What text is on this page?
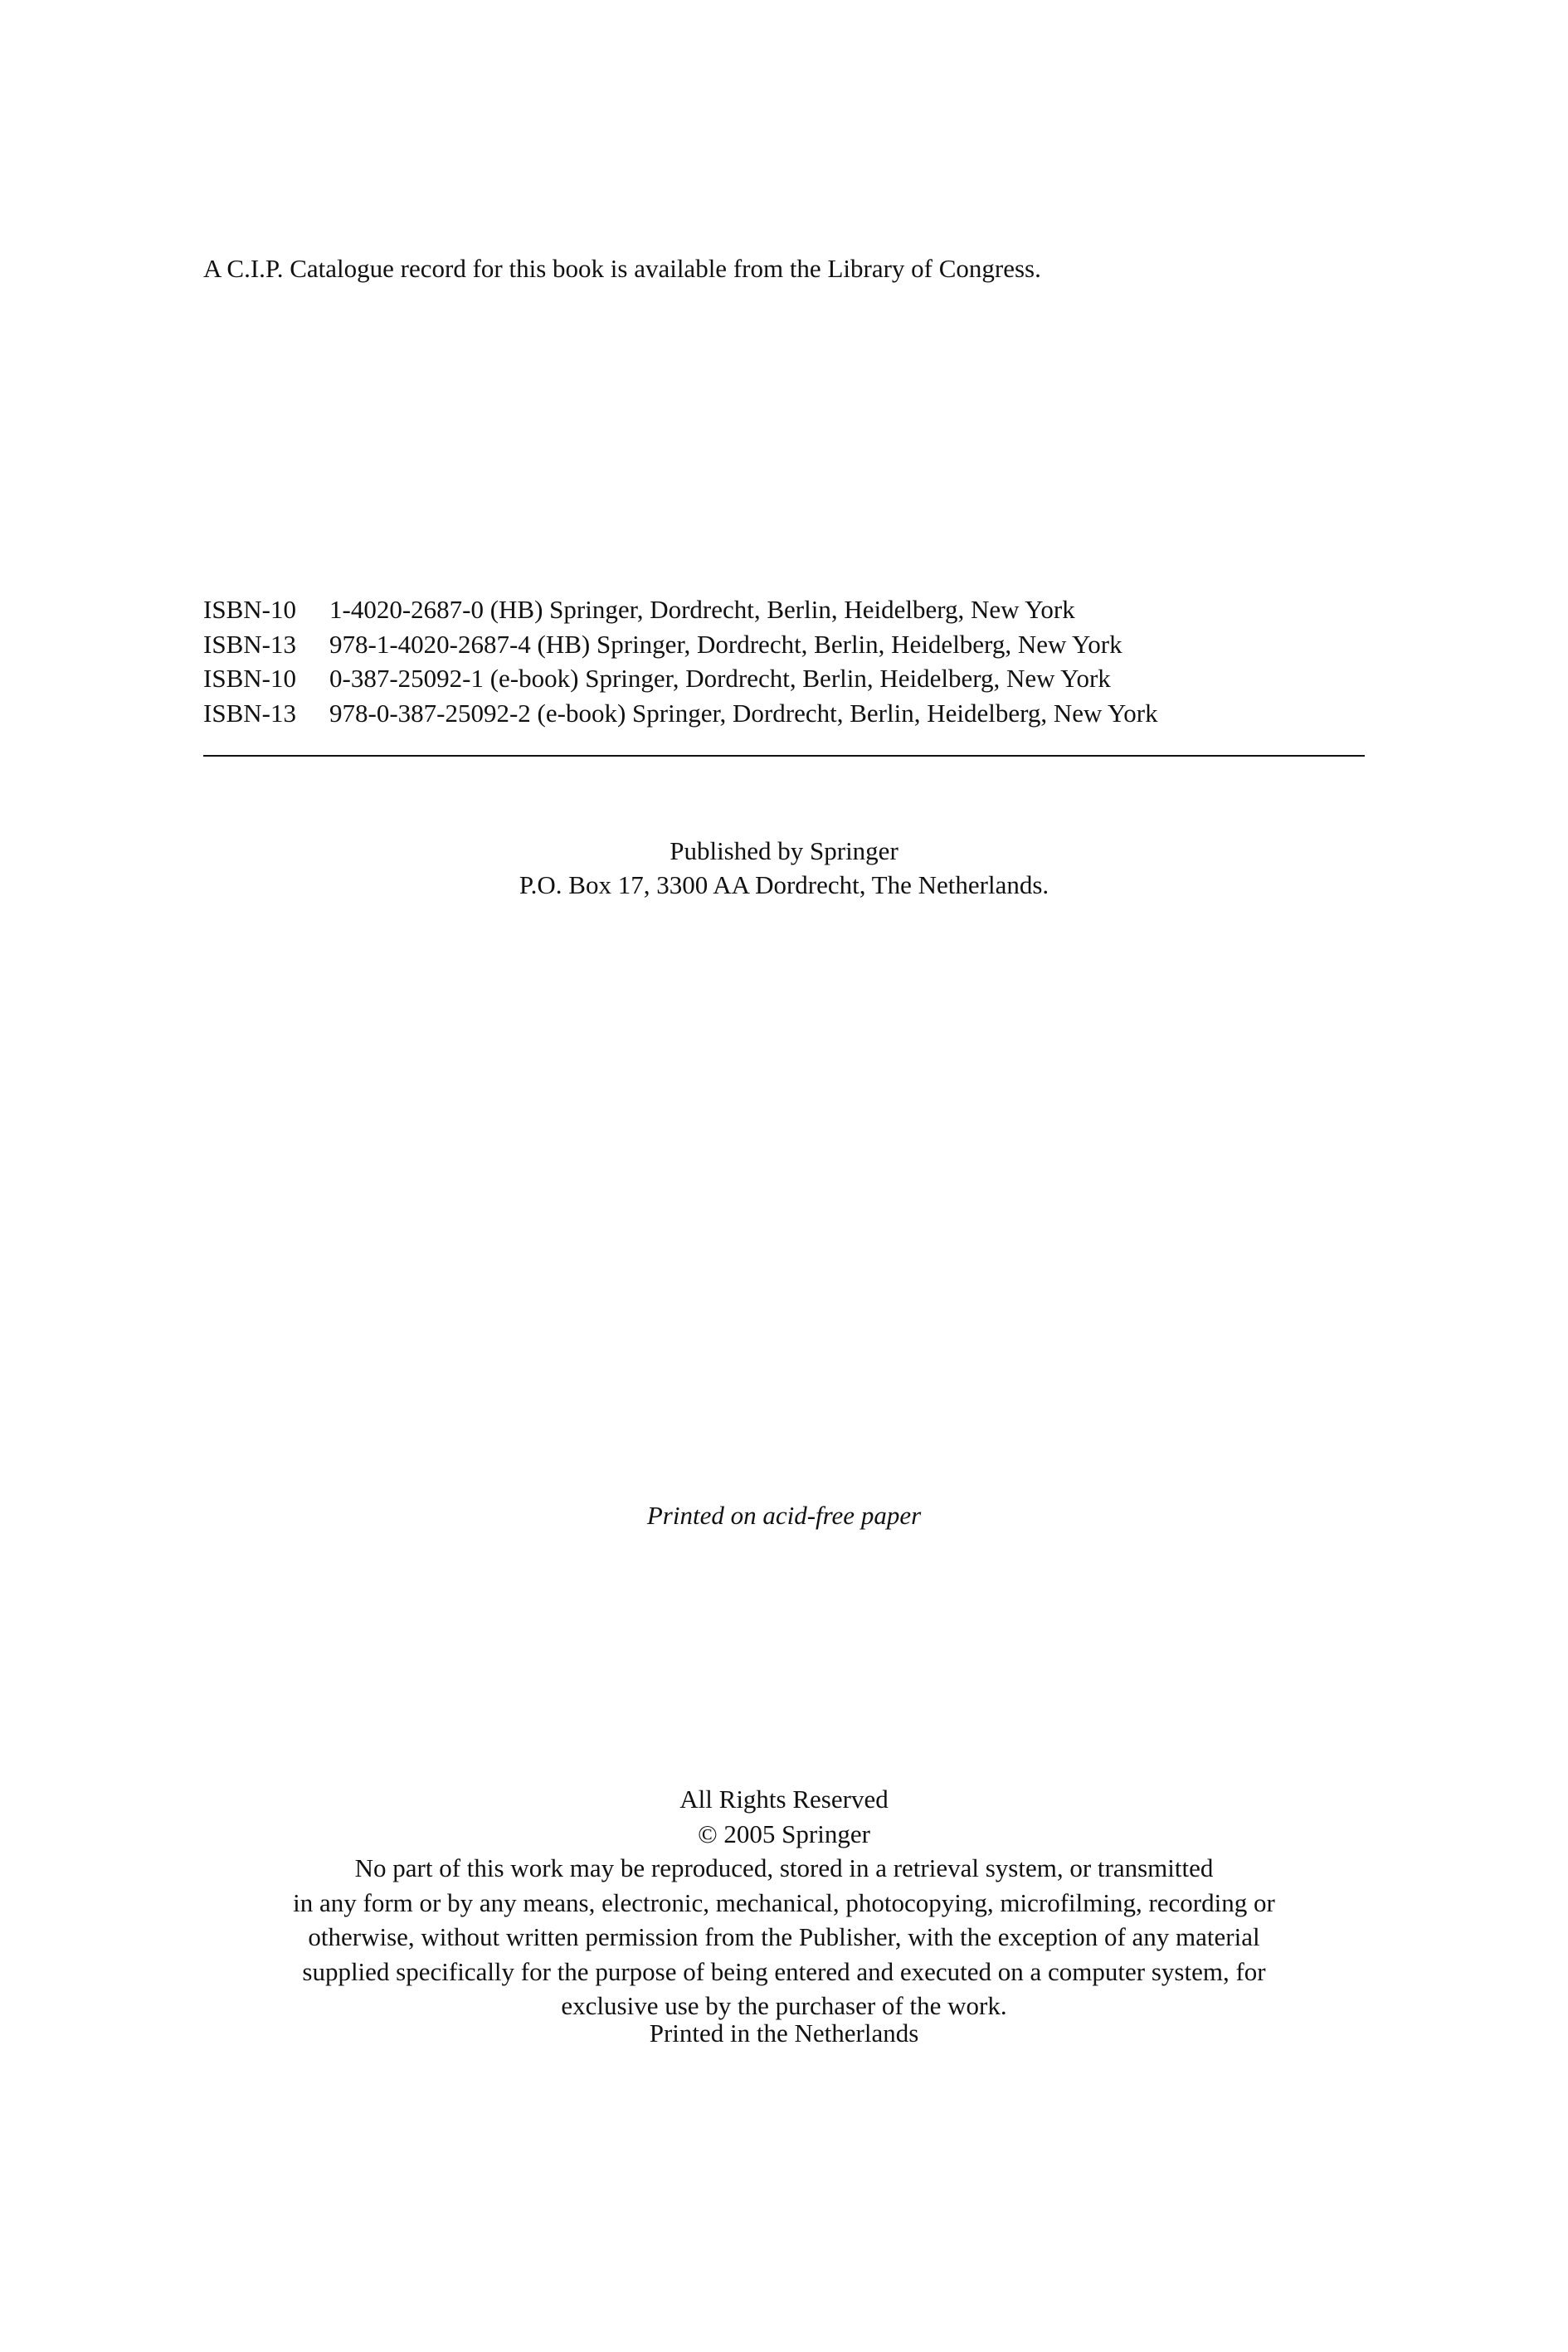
A C.I.P. Catalogue record for this book is available from the Library of Congress.
ISBN-10	1-4020-2687-0 (HB) Springer, Dordrecht, Berlin, Heidelberg, New York
ISBN-13	978-1-4020-2687-4 (HB) Springer, Dordrecht, Berlin, Heidelberg, New York
ISBN-10	0-387-25092-1 (e-book) Springer, Dordrecht, Berlin, Heidelberg, New York
ISBN-13	978-0-387-25092-2 (e-book) Springer, Dordrecht, Berlin, Heidelberg, New York
Published by Springer
P.O. Box 17, 3300 AA Dordrecht, The Netherlands.
Printed on acid-free paper
All Rights Reserved
© 2005 Springer
No part of this work may be reproduced, stored in a retrieval system, or transmitted
in any form or by any means, electronic, mechanical, photocopying, microfilming, recording or
otherwise, without written permission from the Publisher, with the exception of any material
supplied specifically for the purpose of being entered and executed on a computer system, for
exclusive use by the purchaser of the work.
Printed in the Netherlands
